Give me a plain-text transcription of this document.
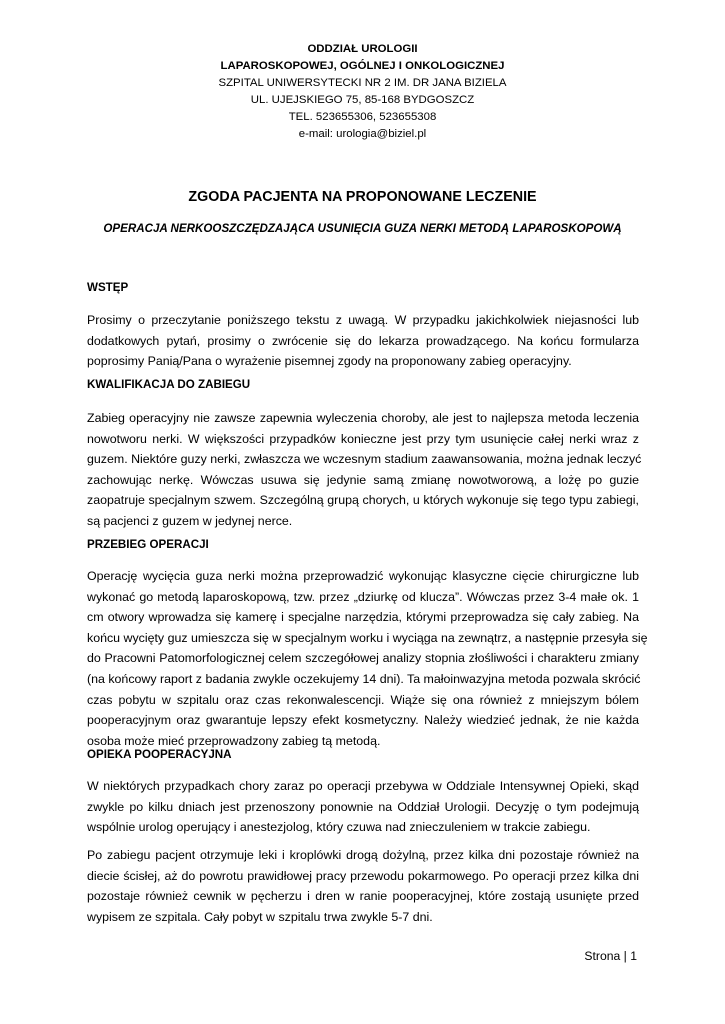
ODDZIAŁ UROLOGII
LAPAROSKOPOWEJ, OGÓLNEJ I ONKOLOGICZNEJ
SZPITAL UNIWERSYTECKI NR 2 IM. DR JANA BIZIELA
UL. UJEJSKIEGO 75, 85-168 BYDGOSZCZ
TEL. 523655306, 523655308
e-mail: urologia@biziel.pl
ZGODA PACJENTA NA PROPONOWANE LECZENIE
OPERACJA NERKOOSZCZĘDZAJĄCA USUNIĘCIA GUZA NERKI METODĄ LAPAROSKOPOWĄ
WSTĘP
Prosimy o przeczytanie poniższego tekstu z uwagą. W przypadku jakichkolwiek niejasności lub
dodatkowych pytań, prosimy o zwrócenie się do lekarza prowadzącego. Na końcu formularza
poprosimy Panią/Pana o wyrażenie pisemnej zgody na proponowany zabieg operacyjny.
KWALIFIKACJA DO ZABIEGU
Zabieg operacyjny nie zawsze zapewnia wyleczenia choroby, ale jest to najlepsza metoda leczenia
nowotworu nerki. W większości przypadków konieczne jest przy tym usunięcie całej nerki wraz z
guzem. Niektóre guzy nerki, zwłaszcza we wczesnym stadium zaawansowania, można jednak leczyć
zachowując nerkę. Wówczas usuwa się jedynie samą zmianę nowotworową, a lożę po guzie
zaopatruje specjalnym szwem. Szczególną grupą chorych, u których wykonuje się tego typu zabiegi,
są pacjenci z guzem w jedynej nerce.
PRZEBIEG OPERACJI
Operację wycięcia guza nerki można przeprowadzić wykonując klasyczne cięcie chirurgiczne lub
wykonać go metodą laparoskopową, tzw. przez „dziurkę od klucza”. Wówczas przez 3-4 małe ok. 1
cm otwory wprowadza się kamerę i specjalne narzędzia, którymi przeprowadza się cały zabieg. Na
końcu wycięty guz umieszcza się w specjalnym worku i wyciąga na zewnątrz, a następnie przesyła się
do Pracowni Patomorfologicznej celem szczegółowej analizy stopnia złośliwości i charakteru zmiany
(na końcowy raport z badania zwykle oczekujemy 14 dni). Ta małoinwazyjna metoda pozwala skrócić
czas pobytu w szpitalu oraz czas rekonwalescencji. Wiąże się ona również z mniejszym bólem
pooperacyjnym oraz gwarantuje lepszy efekt kosmetyczny. Należy wiedzieć jednak, że nie każda
osoba może mieć przeprowadzony zabieg tą metodą.
OPIEKA POOPERACYJNA
W niektórych przypadkach chory zaraz po operacji przebywa w Oddziale Intensywnej Opieki, skąd
zwykle po kilku dniach jest przenoszony ponownie na Oddział Urologii. Decyzję o tym podejmują
wspólnie urolog operujący i anestezjolog, który czuwa nad znieczuleniem w trakcie zabiegu.
Po zabiegu pacjent otrzymuje leki i kroplówki drogą dożylną, przez kilka dni pozostaje również na
diecie ścisłej, aż do powrotu prawidłowej pracy przewodu pokarmowego. Po operacji przez kilka dni
pozostaje również cewnik w pęcherzu i dren w ranie pooperacyjnej, które zostają usunięte przed
wypisem ze szpitala. Cały pobyt w szpitalu trwa zwykle 5-7 dni.
Strona | 1
